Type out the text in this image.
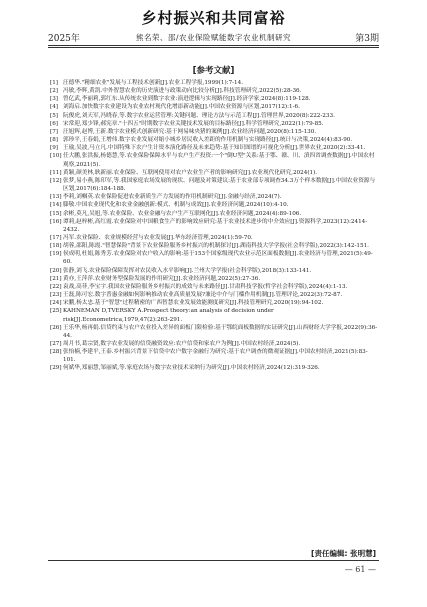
乡村振兴和共同富裕
2025年	熊名荣、邵/农业保险赋能数字农业机制研究	第3期
[参考文献]
[1] 汪德华."精细农业"发展与工程技术创新[J].农业工程学报,1999(1):7-14.
[2] 冯敏,李辉,黄凯.中外智慧农业的历史演进与政策动向比较分析[J].科技管理研究,2022(5):28-36.
[3] 曾亿武,李丽莉,郭红东.从传统农业到数字农业:演进逻辑与实现路径[J].经济学家,2024(8):119-128.
[4] 刘海启.加快数字农业建设为农业农村现代化增添新动能[J].中国农业资源与区划,2017(12):1-6.
[5] 阮俊虎,刘天军,冯晓春,等.数字农业运营管理:关键问题、理论方法与示范工程[J].管理世界,2020(8):222-233.
[6] 宋常迎,郑少锋,郝宪章."十四五"时期数字农业关键技术发展的目标路径[J].科学管理研究,2022(1):79-85.
[7] 汪旭辉,赵博,王新.数字农业模式创新研究:基于网易味央猪的案例[J].农业经济问题,2020(8):115-130.
[8] 郭珍平,王春娟,王增伟.数字农业发展对缩小城乡居民收入差距的作用机制与实现路径[J].统计与决策,2024(4):83-90.
[9] 王瑜,吴波,马立凡.中国特殊下农户生计资本演化路径及未来趋势:基于知识图谱的可视化分析[J].世界农业,2020(2):33-41.
[10] 任大鹏,张洪振,杨德慧,等.农业保险保障水平与农户生产投资:一个"倒U型"关系:基于鄂、赣、川、滇四省调查数据[J].中国农村观察,2021(5).
[11] 黄颖,颜美林,耿新丽.农业保险、互联网使用对农户农业生产者的影响研究[J].农业现代化研究,2024(1).
[12] 张梦,易小燕,陈印军,等.我国家庭农场发展的现状、问题及对策建议:基于农业部专项调查34.3万个样本数据[J].中国农业资源与区划,2017(6):184-188.
[13] 李莉,刘帼英.农业保险促进农业新质生产力发展的作用机制研究[J].金融与经济,2024(7).
[14] 滕敬.中国农业现代化和农业金融创新:模式、机制与成效[J].农业经济问题,2024(10):4-10.
[15] 余彬,莫凡,吴旭,等.农业保险、农业金融与农户生产互联网化[J].农业经济问题,2024(4):89-106.
[16] 谭莉,赵梓彬,高红霞.农业保险对中国粮食生产的影响效应研究:基于农业技术进步的中介效应[J].资源科学,2023(12):2414-2432.
[17] 冯军.农业保险、农业规模经营与农业发展[J].华东经济管理,2024(1):59-70.
[18] 胡蓉,邵阳,陈霞."智慧保险"背景下农业保险服务乡村振兴的机制探讨[J].湖南科技大学学报(社会科学版),2022(3):142-151.
[19] 侯成明,杜娟,陈秀芳.农业保险对农户收入的影响:基于153个国家级现代农业示范区面板数据[J].农业经济与管理,2021(5):49-60.
[20] 张静,刘飞.农业保险保障发挥对农民收入水平影响[J].兰州大学学报(社会科学版),2018(3):133-141.
[21] 黄亦,王萍萍.农业财务型保险发展的作用研究[J].农业经济问题,2022(5):27-36.
[22] 袁战,高菲,李宝宇.我国农业保险服务乡村振兴的成效与未来路径[J].甘肃科技学报(哲学社会科学版),2024(4):1-13.
[23] 王磊,陈可宏.数字普惠金融如何影响推动农业高质量发展?兼论中介与门槛作用机制[J].管理评论,2022(3):72-87.
[24] 宋鹏,杨太忠.基于"智慧"过程精密的广西智慧农业发展效能测度研究[J].科技管理研究,2020(19):94-102.
[25] KAHNEMAN D,TVERSKY A.Prospect theory:an analysis of decision under risk[J].Econometrica,1979,47(2):263-291.
[26] 王乐华,杨再娟.信贷约束与农户农业投入差异的面板门限检验:基于鄂皖面板数据的实证研究[J].山西财经大学学报,2022(9):36-44.
[27] 周月书,葛宗贤,数字农业发展的信贷融资效应:农户信贷和家农户为例[J].中国农村经济,2024(5).
[28] 张怡楠,李建平,王泰.乡村振兴背景下信贷中农户数字金融行为研究:基于农户调查的微观证据[J].中国农村经济,2021(5):83-101.
[29] 何斌华,郑丽慧,邹丽斌,等.家庭农场与数字农业技术采纳行为研究[J].中国农村经济,2024(12):319-326.
[责任编辑: 张明慧]
— 61 —
